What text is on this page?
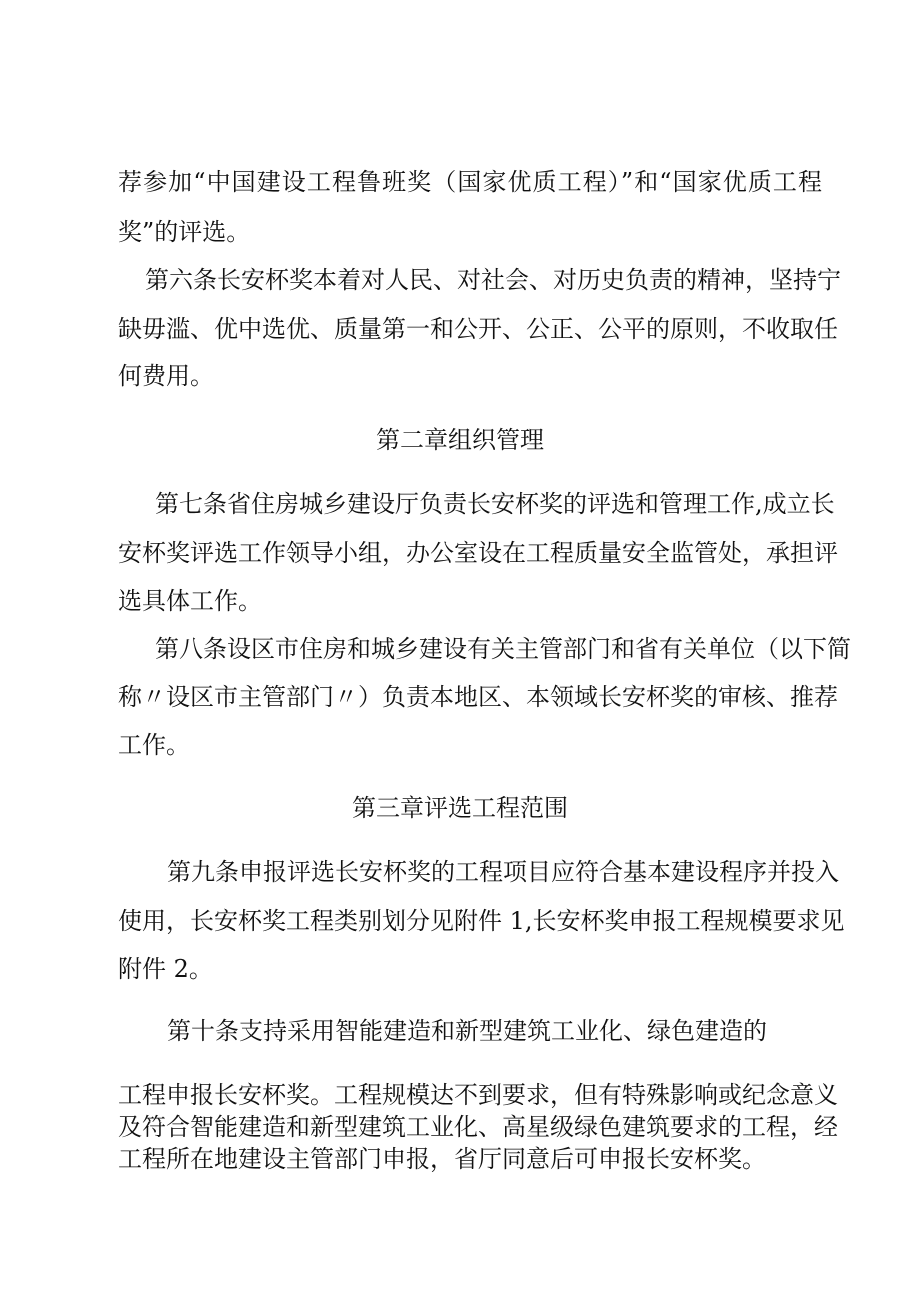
荐参加“中国建设工程鲁班奖（国家优质工程）”和“国家优质工程
奖”的评选。
第六条长安杯奖本着对人民、对社会、对历史负责的精神，坚持宁
缺毋滥、优中选优、质量第一和公开、公正、公平的原则，不收取任
何费用。
第二章组织管理
第七条省住房城乡建设厅负责长安杯奖的评选和管理工作,成立长
安杯奖评选工作领导小组，办公室设在工程质量安全监管处，承担评
选具体工作。
第八条设区市住房和城乡建设有关主管部门和省有关单位（以下简
称〃设区市主管部门〃）负责本地区、本领域长安杯奖的审核、推荐
工作。
第三章评选工程范围
第九条申报评选长安杯奖的工程项目应符合基本建设程序并投入
使用，长安杯奖工程类别划分见附件 1,长安杯奖申报工程规模要求见
附件 2。
第十条支持采用智能建造和新型建筑工业化、绿色建造的
工程申报长安杯奖。工程规模达不到要求，但有特殊影响或纪念意义
及符合智能建造和新型建筑工业化、高星级绿色建筑要求的工程，经
工程所在地建设主管部门申报，省厅同意后可申报长安杯奖。
